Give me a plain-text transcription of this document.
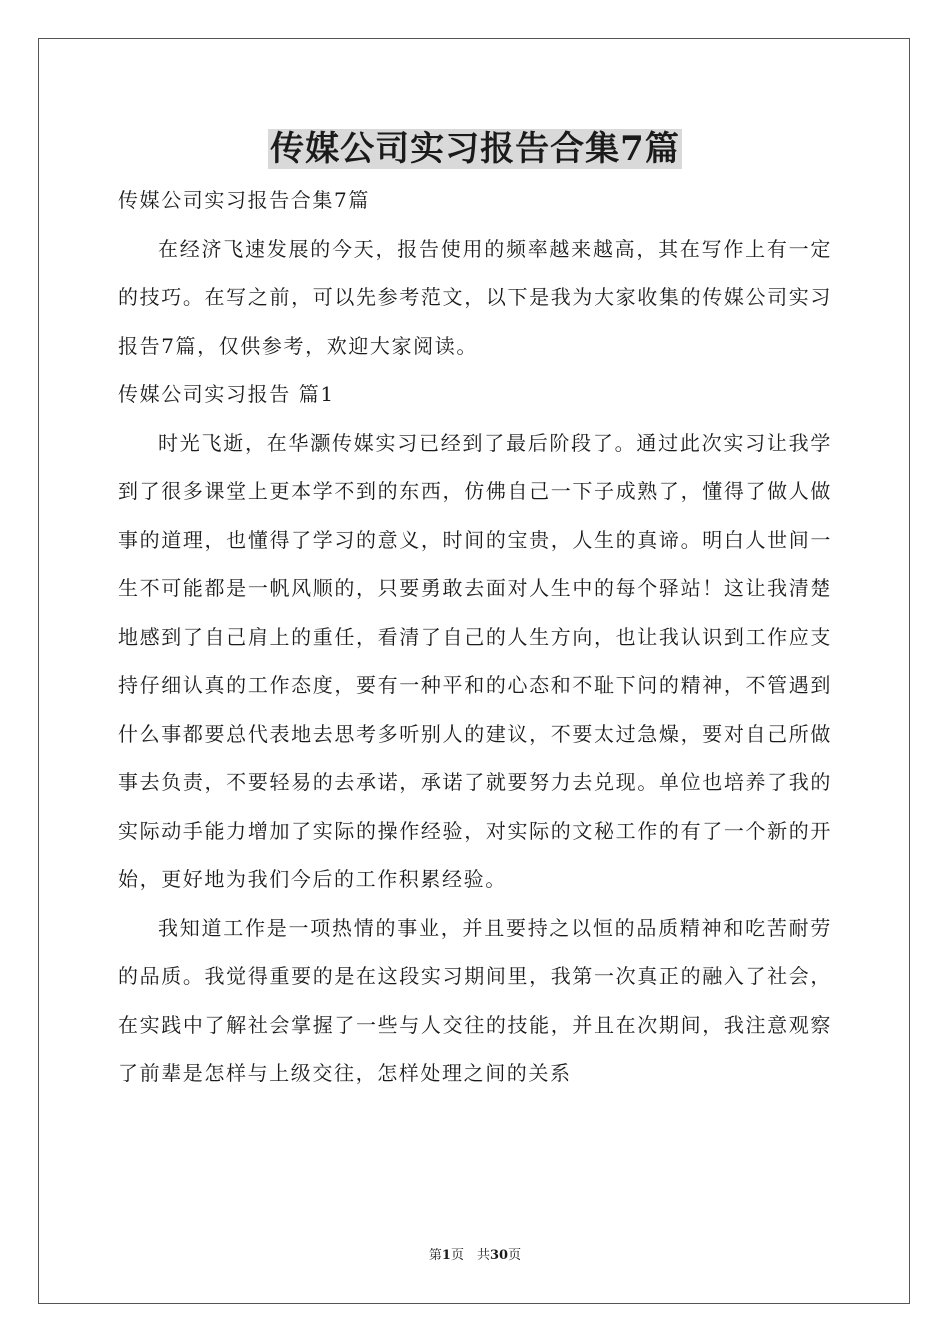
传媒公司实习报告合集7篇

传媒公司实习报告合集7篇

在经济飞速发展的今天，报告使用的频率越来越高，其在写作上有一定的技巧。在写之前，可以先参考范文，以下是我为大家收集的传媒公司实习报告7篇，仅供参考，欢迎大家阅读。

传媒公司实习报告 篇1

时光飞逝，在华灏传媒实习已经到了最后阶段了。通过此次实习让我学到了很多课堂上更本学不到的东西，仿佛自己一下子成熟了，懂得了做人做事的道理，也懂得了学习的意义，时间的宝贵，人生的真谛。明白人世间一生不可能都是一帆风顺的，只要勇敢去面对人生中的每个驿站！这让我清楚地感到了自己肩上的重任，看清了自己的人生方向，也让我认识到工作应支持仔细认真的工作态度，要有一种平和的心态和不耻下问的精神，不管遇到什么事都要总代表地去思考多听别人的建议，不要太过急燥，要对自己所做事去负责，不要轻易的去承诺，承诺了就要努力去兑现。单位也培养了我的实际动手能力增加了实际的操作经验，对实际的文秘工作的有了一个新的开始，更好地为我们今后的工作积累经验。

我知道工作是一项热情的事业，并且要持之以恒的品质精神和吃苦耐劳的品质。我觉得重要的是在这段实习期间里，我第一次真正的融入了社会，在实践中了解社会掌握了一些与人交往的技能，并且在次期间，我注意观察了前辈是怎样与上级交往，怎样处理之间的关系

第1页　共30页
